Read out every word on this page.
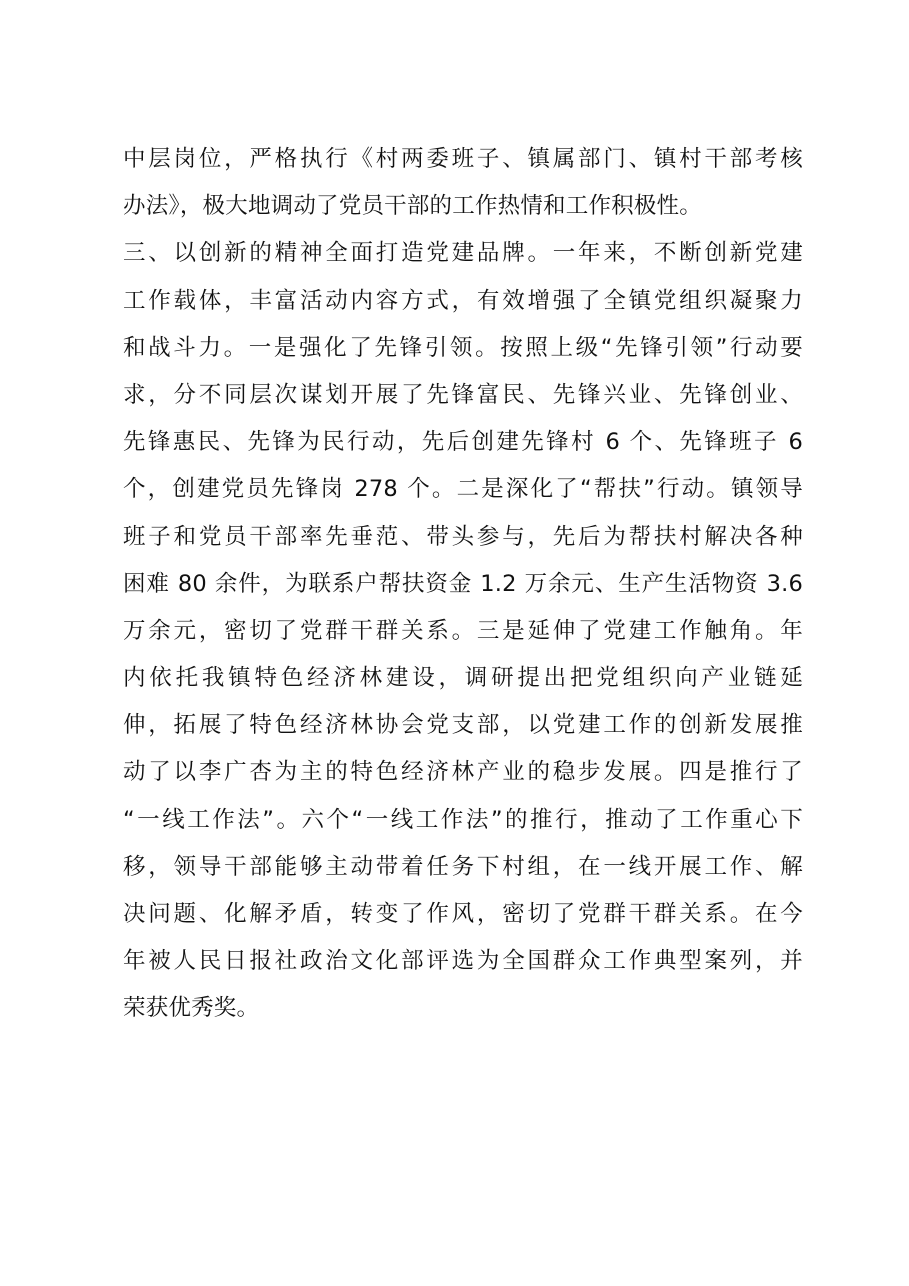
中层岗位，严格执行《村两委班子、镇属部门、镇村干部考核
办法》，极大地调动了党员干部的工作热情和工作积极性。
三、以创新的精神全面打造党建品牌。一年来，不断创新党建
工作载体，丰富活动内容方式，有效增强了全镇党组织凝聚力
和战斗力。一是强化了先锋引领。按照上级“先锋引领”行动要
求，分不同层次谋划开展了先锋富民、先锋兴业、先锋创业、
先锋惠民、先锋为民行动，先后创建先锋村 6 个、先锋班子 6
个，创建党员先锋岗 278 个。二是深化了“帮扶”行动。镇领导
班子和党员干部率先垂范、带头参与，先后为帮扶村解决各种
困难 80 余件，为联系户帮扶资金 1.2 万余元、生产生活物资 3.6
万余元，密切了党群干群关系。三是延伸了党建工作触角。年
内依托我镇特色经济林建设，调研提出把党组织向产业链延
伸，拓展了特色经济林协会党支部，以党建工作的创新发展推
动了以李广杏为主的特色经济林产业的稳步发展。四是推行了
“一线工作法”。六个“一线工作法”的推行，推动了工作重心下
移，领导干部能够主动带着任务下村组，在一线开展工作、解
决问题、化解矛盾，转变了作风，密切了党群干群关系。在今
年被人民日报社政治文化部评选为全国群众工作典型案列，并
荣获优秀奖。
